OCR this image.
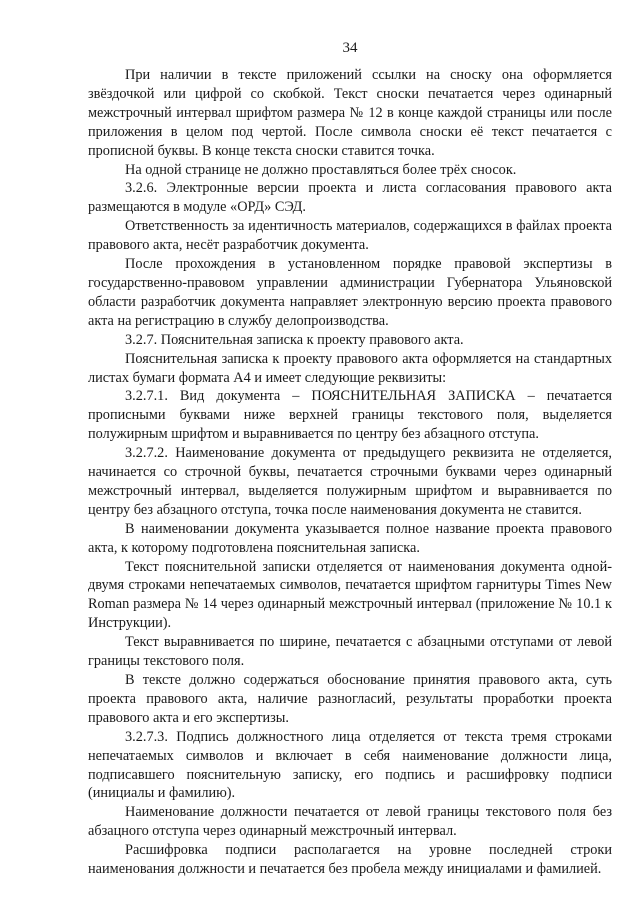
34

При наличии в тексте приложений ссылки на сноску она оформляется звёздочкой или цифрой со скобкой. Текст сноски печатается через одинарный межстрочный интервал шрифтом размера № 12 в конце каждой страницы или после приложения в целом под чертой. После символа сноски её текст печатается с прописной буквы. В конце текста сноски ставится точка.

На одной странице не должно проставляться более трёх сносок.

3.2.6. Электронные версии проекта и листа согласования правового акта размещаются в модуле «ОРД» СЭД.

Ответственность за идентичность материалов, содержащихся в файлах проекта правового акта, несёт разработчик документа.

После прохождения в установленном порядке правовой экспертизы в государственно-правовом управлении администрации Губернатора Ульяновской области разработчик документа направляет электронную версию проекта правового акта на регистрацию в службу делопроизводства.

3.2.7. Пояснительная записка к проекту правового акта.

Пояснительная записка к проекту правового акта оформляется на стандартных листах бумаги формата А4 и имеет следующие реквизиты:

3.2.7.1. Вид документа – ПОЯСНИТЕЛЬНАЯ ЗАПИСКА – печатается прописными буквами ниже верхней границы текстового поля, выделяется полужирным шрифтом и выравнивается по центру без абзацного отступа.

3.2.7.2. Наименование документа от предыдущего реквизита не отделяется, начинается со строчной буквы, печатается строчными буквами через одинарный межстрочный интервал, выделяется полужирным шрифтом и выравнивается по центру без абзацного отступа, точка после наименования документа не ставится.

В наименовании документа указывается полное название проекта правового акта, к которому подготовлена пояснительная записка.

Текст пояснительной записки отделяется от наименования документа одной-двумя строками непечатаемых символов, печатается шрифтом гарнитуры Times New Roman размера № 14 через одинарный межстрочный интервал (приложение № 10.1 к Инструкции).

Текст выравнивается по ширине, печатается с абзацными отступами от левой границы текстового поля.

В тексте должно содержаться обоснование принятия правового акта, суть проекта правового акта, наличие разногласий, результаты проработки проекта правового акта и его экспертизы.

3.2.7.3. Подпись должностного лица отделяется от текста тремя строками непечатаемых символов и включает в себя наименование должности лица, подписавшего пояснительную записку, его подпись и расшифровку подписи (инициалы и фамилию).

Наименование должности печатается от левой границы текстового поля без абзацного отступа через одинарный межстрочный интервал.

Расшифровка подписи располагается на уровне последней строки наименования должности и печатается без пробела между инициалами и фамилией.
